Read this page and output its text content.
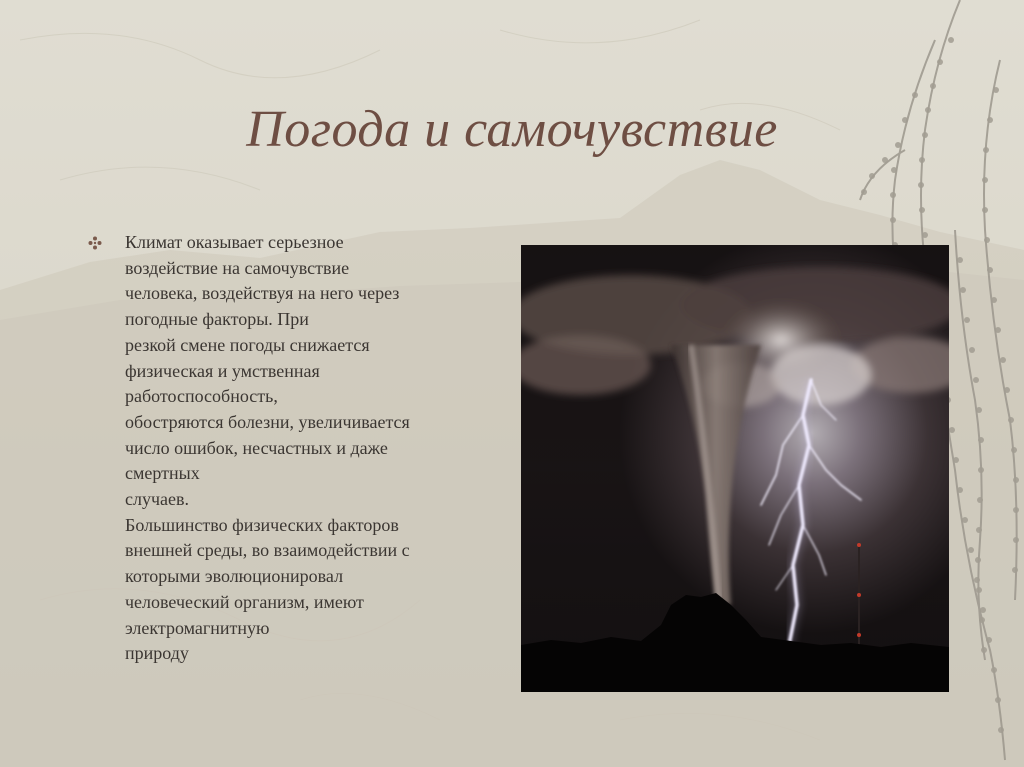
Погода и самочувствие
Климат оказывает серьезное
воздействие на самочувствие
человека, воздействуя на него через
погодные факторы. При
резкой смене погоды снижается
физическая и умственная
работоспособность,
обостряются болезни, увеличивается
число ошибок, несчастных и даже
смертных
случаев.
Большинство физических факторов
внешней среды, во взаимодействии с
которыми эволюционировал
человеческий организм, имеют
электромагнитную
природу
